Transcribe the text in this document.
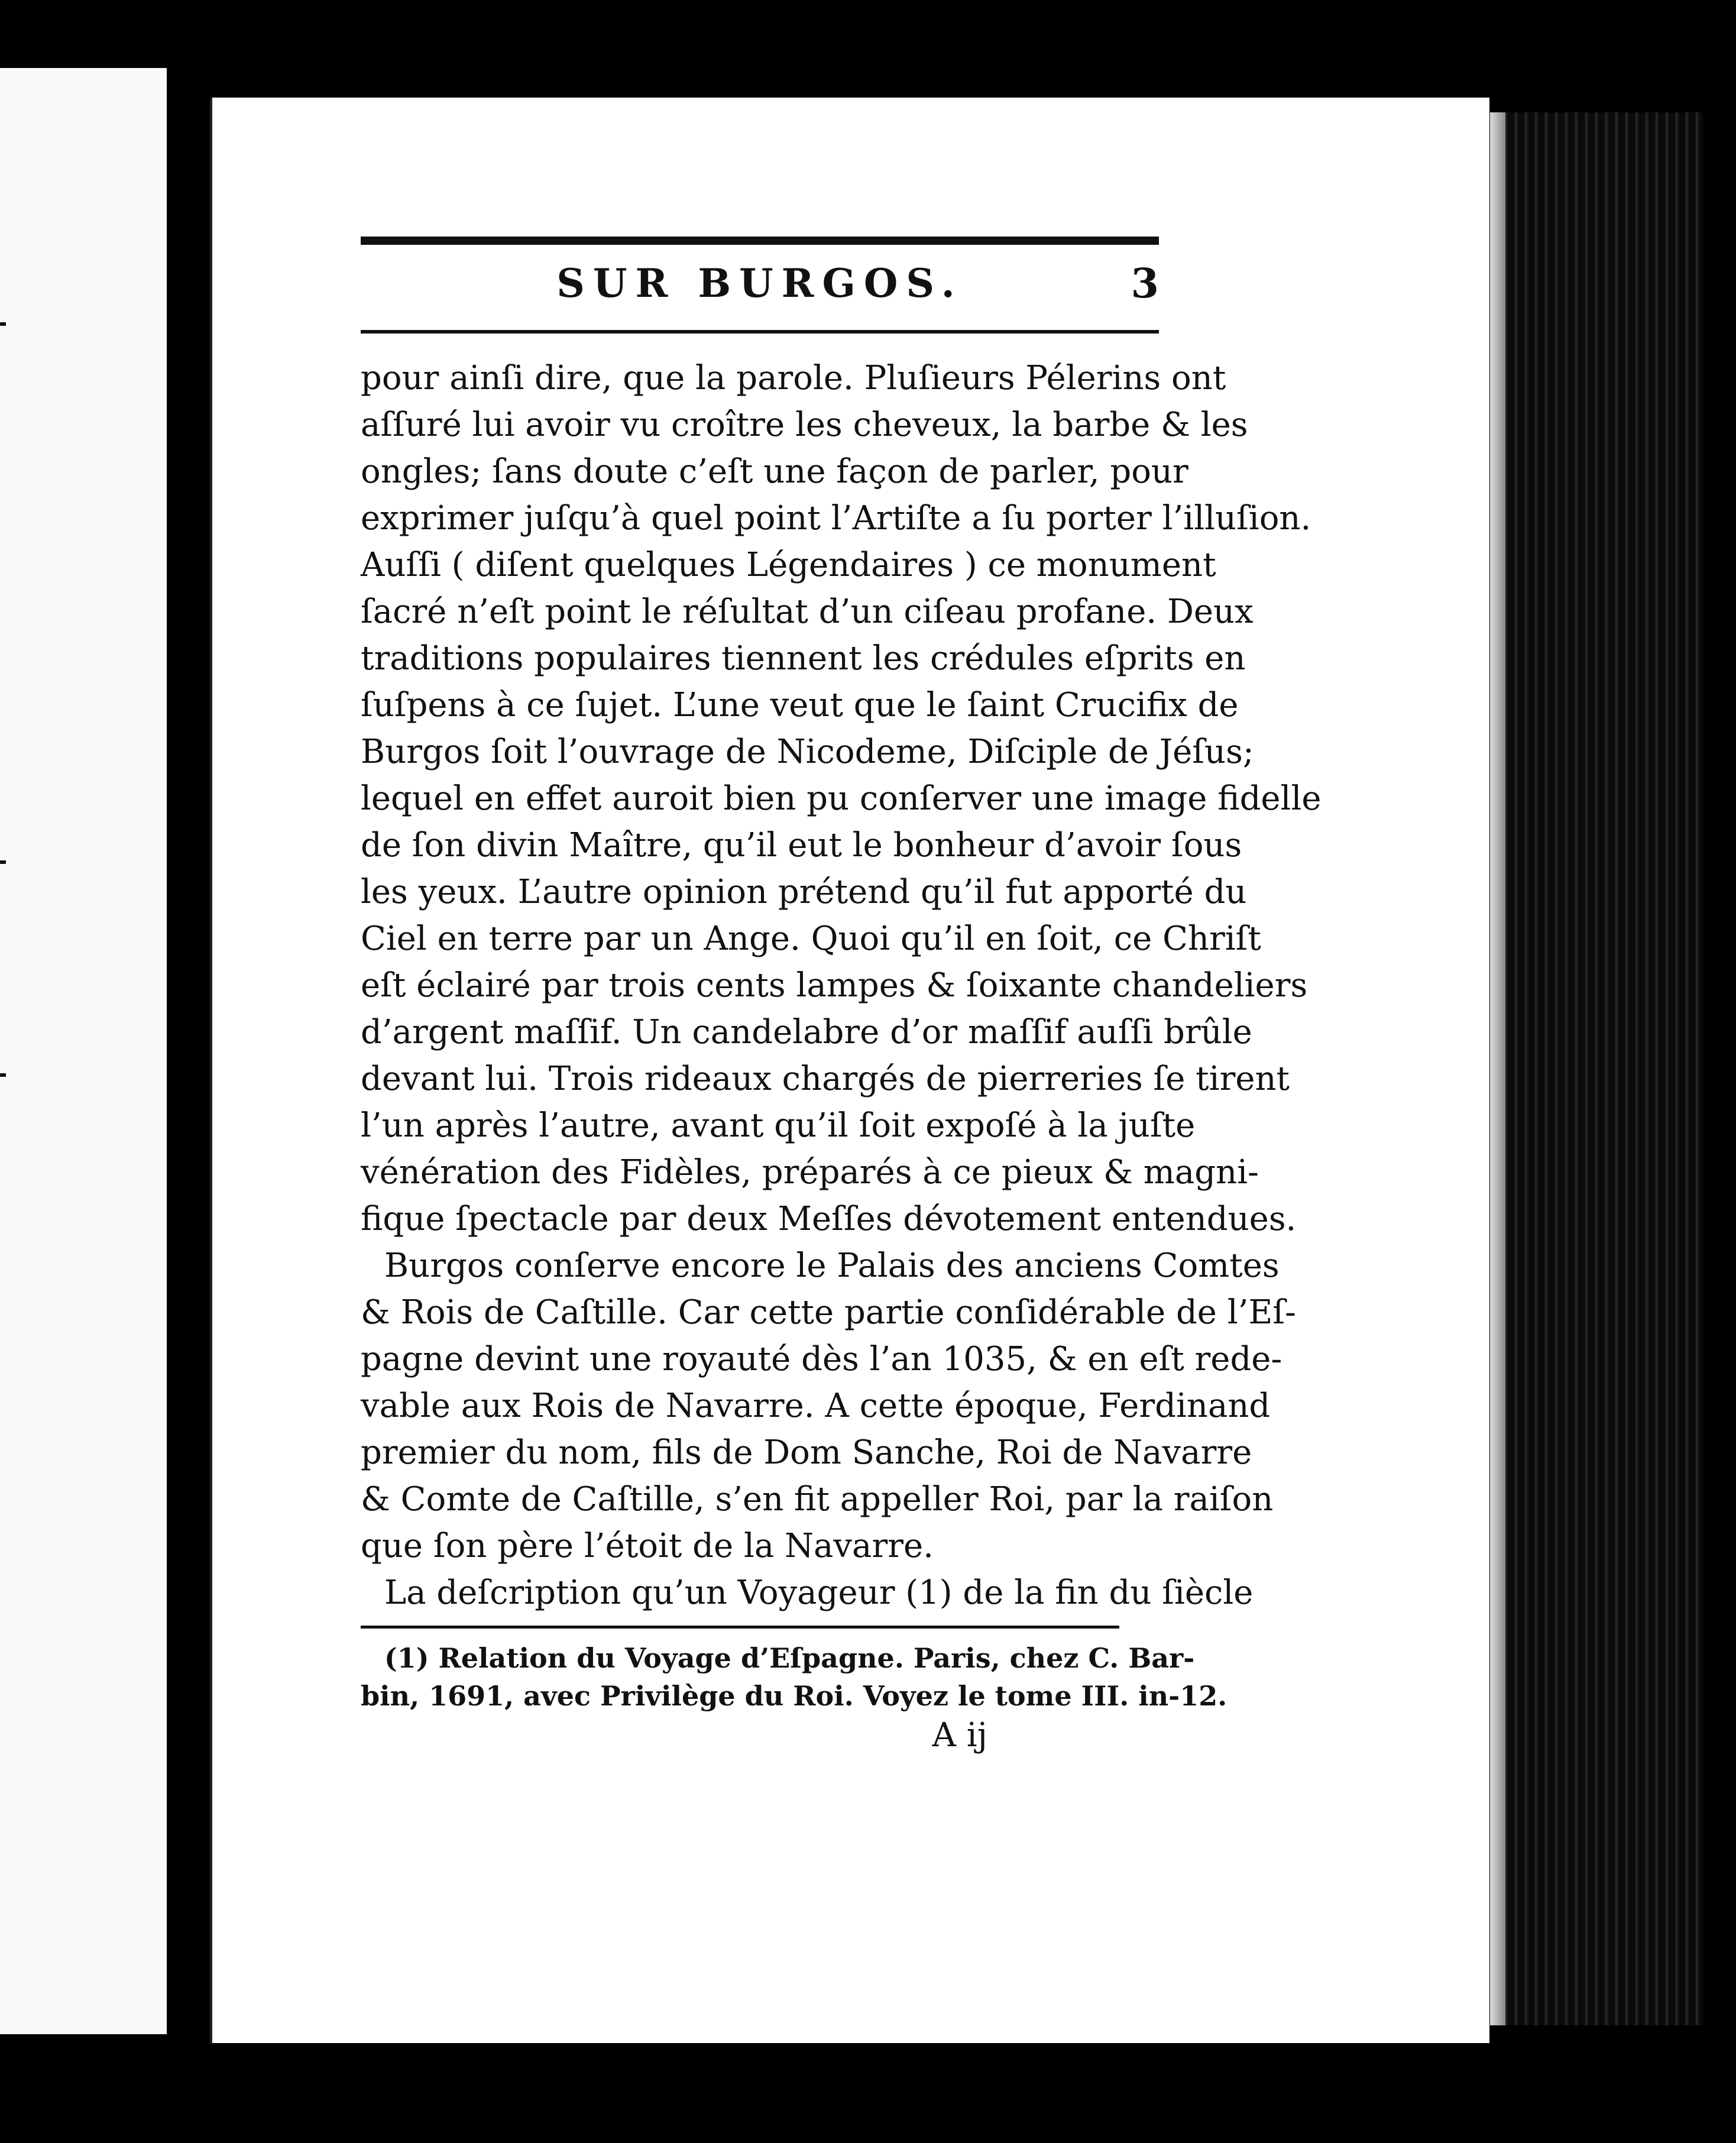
SUR BURGOS.	3
pour ainſi dire, que la parole. Pluſieurs Pélerins ont
aſſuré lui avoir vu croître les cheveux, la barbe & les
ongles; ſans doute c’eſt une façon de parler, pour
exprimer juſqu’à quel point l’Artiſte a ſu porter l’illuſion.
Auſſi ( diſent quelques Légendaires ) ce monument
ſacré n’eſt point le réſultat d’un ciſeau profane. Deux
traditions populaires tiennent les crédules eſprits en
ſuſpens à ce ſujet. L’une veut que le ſaint Crucifix de
Burgos ſoit l’ouvrage de Nicodeme, Diſciple de Jéſus;
lequel en effet auroit bien pu conſerver une image fidelle
de ſon divin Maître, qu’il eut le bonheur d’avoir ſous
les yeux. L’autre opinion prétend qu’il fut apporté du
Ciel en terre par un Ange. Quoi qu’il en ſoit, ce Chriſt
eſt éclairé par trois cents lampes & ſoixante chandeliers
d’argent maſſif. Un candelabre d’or maſſif auſſi brûle
devant lui. Trois rideaux chargés de pierreries ſe tirent
l’un après l’autre, avant qu’il ſoit expoſé à la juſte
vénération des Fidèles, préparés à ce pieux & magni-
fique ſpectacle par deux Meſſes dévotement entendues.
Burgos conſerve encore le Palais des anciens Comtes
& Rois de Caſtille. Car cette partie conſidérable de l’Eſ-
pagne devint une royauté dès l’an 1035, & en eſt rede-
vable aux Rois de Navarre. A cette époque, Ferdinand
premier du nom, fils de Dom Sanche, Roi de Navarre
& Comte de Caſtille, s’en fit appeller Roi, par la raiſon
que ſon père l’étoit de la Navarre.
La deſcription qu’un Voyageur (1) de la fin du ſiècle
(1) Relation du Voyage d’Eſpagne. Paris, chez C. Bar-
bin, 1691, avec Privilège du Roi. Voyez le tome III. in-12.
A ij
